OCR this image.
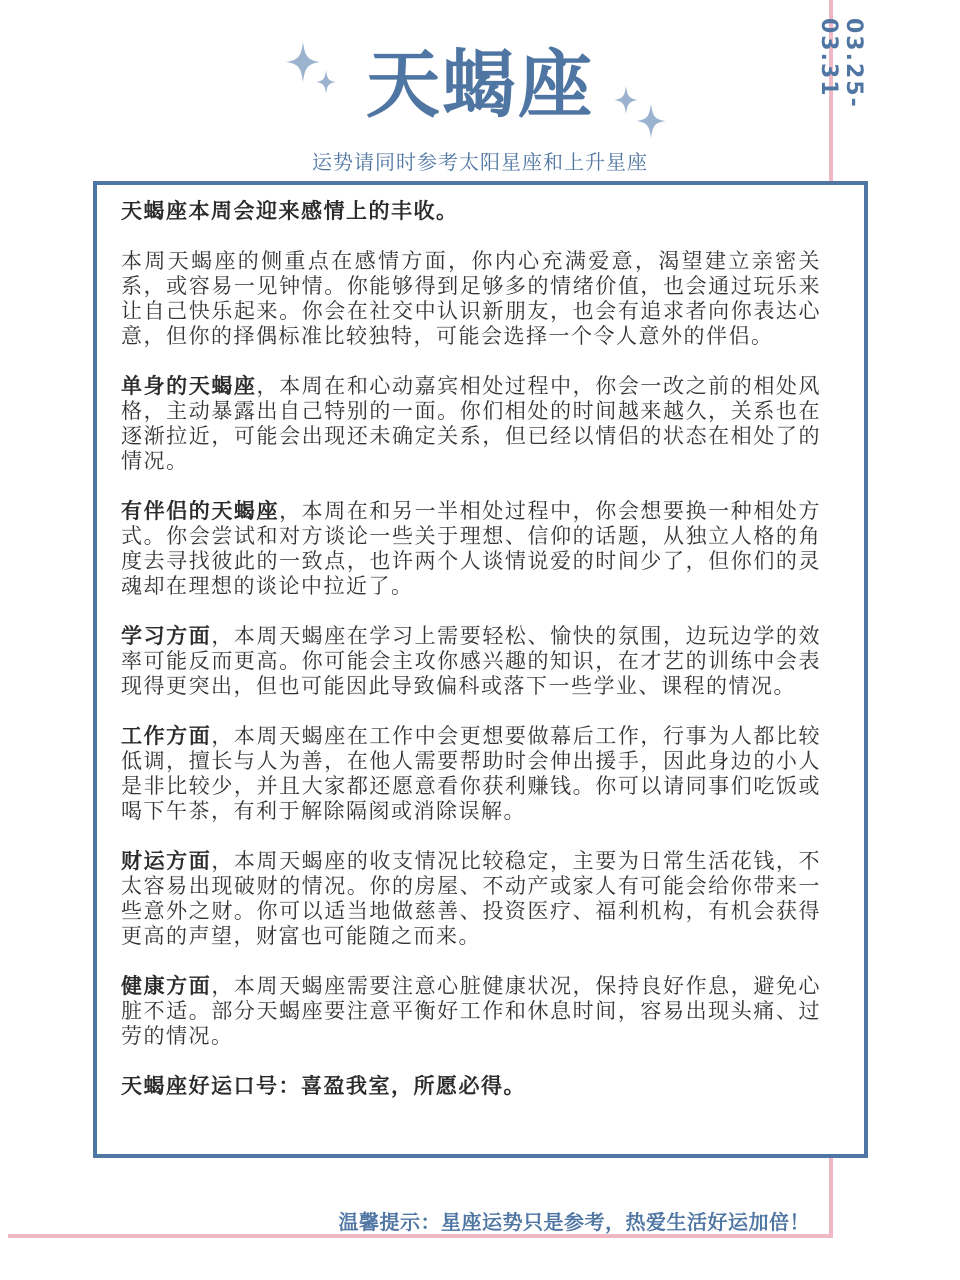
03.25-03.31
天蝎座
运势请同时参考太阳星座和上升星座

天蝎座本周会迎来感情上的丰收。

本周天蝎座的侧重点在感情方面，你内心充满爱意，渴望建立亲密关系，或容易一见钟情。你能够得到足够多的情绪价值，也会通过玩乐来让自己快乐起来。你会在社交中认识新朋友，也会有追求者向你表达心意，但你的择偶标准比较独特，可能会选择一个令人意外的伴侣。

单身的天蝎座，本周在和心动嘉宾相处过程中，你会一改之前的相处风格，主动暴露出自己特别的一面。你们相处的时间越来越久，关系也在逐渐拉近，可能会出现还未确定关系，但已经以情侣的状态在相处了的情况。

有伴侣的天蝎座，本周在和另一半相处过程中，你会想要换一种相处方式。你会尝试和对方谈论一些关于理想、信仰的话题，从独立人格的角度去寻找彼此的一致点，也许两个人谈情说爱的时间少了，但你们的灵魂却在理想的谈论中拉近了。

学习方面，本周天蝎座在学习上需要轻松、愉快的氛围，边玩边学的效率可能反而更高。你可能会主攻你感兴趣的知识，在才艺的训练中会表现得更突出，但也可能因此导致偏科或落下一些学业、课程的情况。

工作方面，本周天蝎座在工作中会更想要做幕后工作，行事为人都比较低调，擅长与人为善，在他人需要帮助时会伸出援手，因此身边的小人是非比较少，并且大家都还愿意看你获利赚钱。你可以请同事们吃饭或喝下午茶，有利于解除隔阂或消除误解。

财运方面，本周天蝎座的收支情况比较稳定，主要为日常生活花钱，不太容易出现破财的情况。你的房屋、不动产或家人有可能会给你带来一些意外之财。你可以适当地做慈善、投资医疗、福利机构，有机会获得更高的声望，财富也可能随之而来。

健康方面，本周天蝎座需要注意心脏健康状况，保持良好作息，避免心脏不适。部分天蝎座要注意平衡好工作和休息时间，容易出现头痛、过劳的情况。

天蝎座好运口号：喜盈我室，所愿必得。

温馨提示：星座运势只是参考，热爱生活好运加倍！
